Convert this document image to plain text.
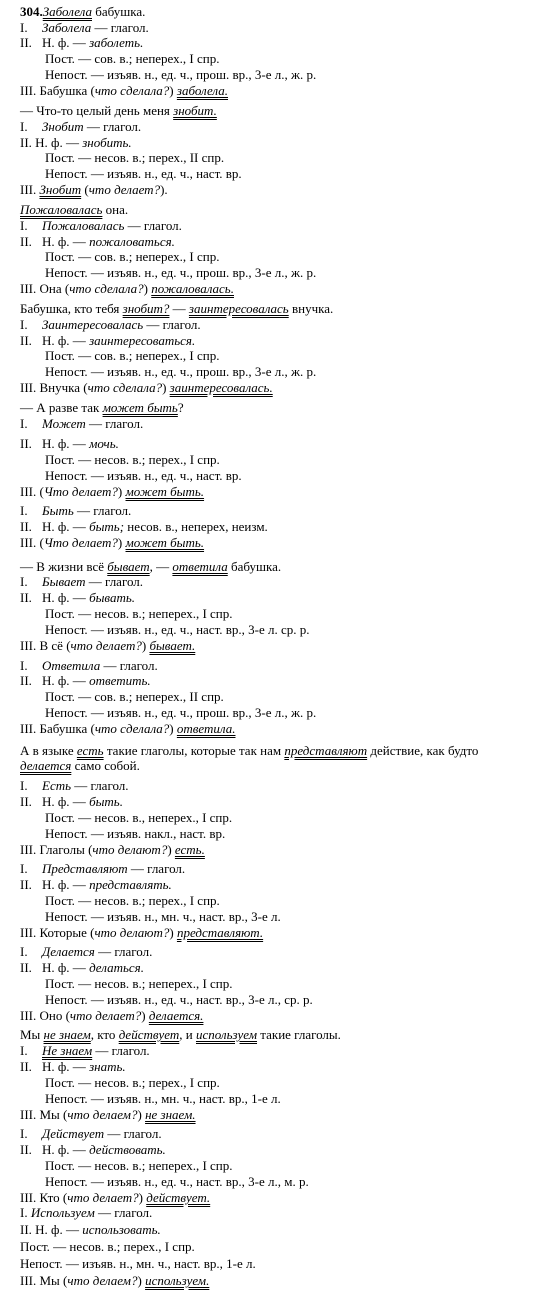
304.Заболела бабушка.
I. Заболела — глагол.
II. Н. ф. — заболеть.
Пост. — сов. в.; неперех., I спр.
Непост. — изъяв. н., ед. ч., прош. вр., 3-е л., ж. р.
III. Бабушка (что сделала?) заболела.
— Что-то целый день меня знобит.
I. Знобит — глагол.
II. Н. ф. — знобить.
Пост. — несов. в.; перех., II спр.
Непост. — изъяв. н., ед. ч., наст. вр.
III. Знобит (что делает?).
Пожаловалась она.
I. Пожаловалась — глагол.
II. Н. ф. — пожаловаться.
Пост. — сов. в.; неперех., I спр.
Непост. — изъяв. н., ед. ч., прош. вр., 3-е л., ж. р.
III. Она (что сделала?) пожаловалась.
Бабушка, кто тебя знобит? — заинтересовалась внучка.
I. Заинтересовалась — глагол.
II. Н. ф. — заинтересоваться.
Пост. — сов. в.; неперех., I спр.
Непост. — изъяв. н., ед. ч., прош. вр., 3-е л., ж. р.
III. Внучка (что сделала?) заинтересовалась.
— А разве так может быть?
I. Может — глагол.
II. Н. ф. — мочь.
Пост. — несов. в.; перех., I спр.
Непост. — изъяв. н., ед. ч., наст. вр.
III. (Что делает?) может быть.
I. Быть — глагол.
II. Н. ф. — быть; несов. в., неперех, неизм.
III. (Что делает?) может быть.
— В жизни всё бывает, — ответила бабушка.
I. Бывает — глагол.
II. Н. ф. — бывать.
Пост. — несов. в.; неперех., I спр.
Непост. — изъяв. н., ед. ч., наст. вр., 3-е л. ср. р.
III. В сё (что делает?) бывает.
I. Ответила — глагол.
II. Н. ф. — ответить.
Пост. — сов. в.; неперех., II спр.
Непост. — изъяв. н., ед. ч., прош. вр., 3-е л., ж. р.
III. Бабушка (что сделала?) ответила.
А в языке есть такие глаголы, которые так нам представляют действие, как будто
делается само собой.
I. Есть — глагол.
II. Н. ф. — быть.
Пост. — несов. в., неперех., I спр.
Непост. — изъяв. накл., наст. вр.
III. Глаголы (что делают?) есть.
I. Представляют — глагол.
II. Н. ф. — представлять.
Пост. — несов. в.; перех., I спр.
Непост. — изъяв. н., мн. ч., наст. вр., 3-е л.
III. Которые (что делают?) представляют.
I. Делается — глагол.
II. Н. ф. — делаться.
Пост. — несов. в.; неперех., I спр.
Непост. — изъяв. н., ед. ч., наст. вр., 3-е л., ср. р.
III. Оно (что делает?) делается.
Мы не знаем, кто действует, и используем такие глаголы.
I. Не знаем — глагол.
II. Н. ф. — знать.
Пост. — несов. в.; перех., I спр.
Непост. — изъяв. н., мн. ч., наст. вр., 1-е л.
III. Мы (что делаем?) не знаем.
I. Действует — глагол.
II. Н. ф. — действовать.
Пост. — несов. в.; неперех., I спр.
Непост. — изъяв. н., ед. ч., наст. вр., 3-е л., м. р.
III. Кто (что делает?) действует.
I. Используем — глагол.
II. Н. ф. — использовать.
Пост. — несов. в.; перех., I спр.
Непост. — изъяв. н., мн. ч., наст. вр., 1-е л.
III. Мы (что делаем?) используем.
